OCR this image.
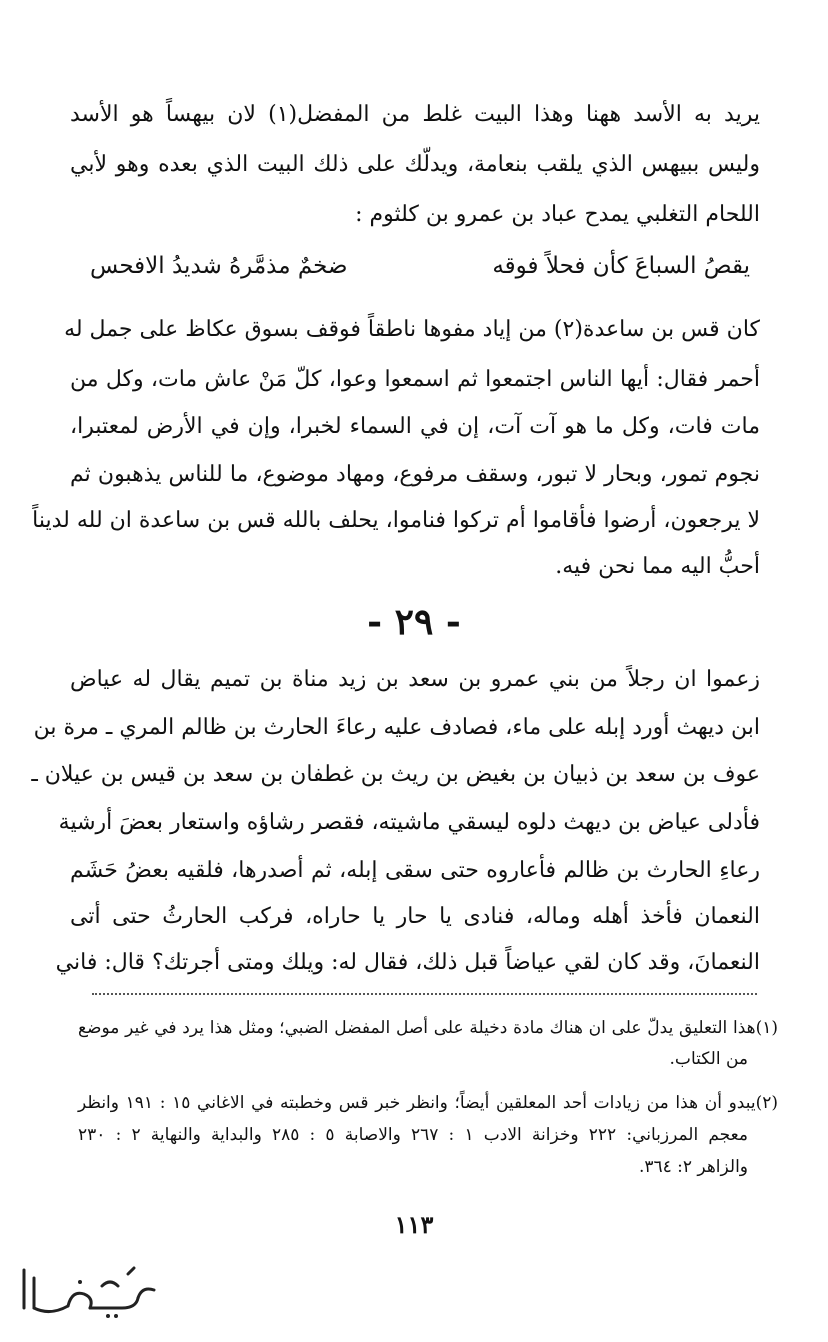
يريد به الأسد ههنا وهذا البيت غلط من المفضل(١) لان بيهساً هو الأسد
وليس ببيهس الذي يلقب بنعامة، ويدلّك على ذلك البيت الذي بعده وهو لأبي
اللحام التغلبي يمدح عباد بن عمرو بن كلثوم :
يقصُ السباعَ كأن فحلاً فوقه
ضخمٌ مذمَّرهُ شديدُ الافحس
كان قس بن ساعدة(٢) من إياد مفوها ناطقاً فوقف بسوق عكاظ على جمل له
أحمر فقال: أيها الناس اجتمعوا ثم اسمعوا وعوا، كلّ مَنْ عاش مات، وكل من
مات فات، وكل ما هو آت آت، إن في السماء لخبرا، وإن في الأرض لمعتبرا،
نجوم تمور، وبحار لا تبور، وسقف مرفوع، ومهاد موضوع، ما للناس يذهبون ثم
لا يرجعون، أرضوا فأقاموا أم تركوا فناموا، يحلف بالله قس بن ساعدة ان لله لديناً
أحبُّ اليه مما نحن فيه.
- ٢٩ -
زعموا ان رجلاً من بني عمرو بن سعد بن زيد مناة بن تميم يقال له عياض
ابن ديهث أورد إبله على ماء، فصادف عليه رعاءَ الحارث بن ظالم المري ـ مرة بن
عوف بن سعد بن ذبيان بن بغيض بن ريث بن غطفان بن سعد بن قيس بن عيلان ـ
فأدلى عياض بن ديهث دلوه ليسقي ماشيته، فقصر رشاؤه واستعار بعضَ أرشية
رعاءِ الحارث بن ظالم فأعاروه حتى سقى إبله، ثم أصدرها، فلقيه بعضُ حَشَم
النعمان فأخذ أهله وماله، فنادى يا حار يا حاراه، فركب الحارثُ حتى أتى
النعمانَ، وقد كان لقي عياضاً قبل ذلك، فقال له: ويلك ومتى أجرتك؟ قال: فاني
(١)هذا التعليق يدلّ على ان هناك مادة دخيلة على أصل المفضل الضبي؛ ومثل هذا يرد في غير موضع
من الكتاب.
(٢)يبدو أن هذا من زيادات أحد المعلقين أيضاً؛ وانظر خبر قس وخطبته في الاغاني ١٥ : ١٩١ وانظر
معجم المرزباني: ٢٢٢ وخزانة الادب ١ : ٢٦٧ والاصابة ٥ : ٢٨٥ والبداية والنهاية ٢ : ٢٣٠
والزاهر ٢: ٣٦٤.
١١٣
